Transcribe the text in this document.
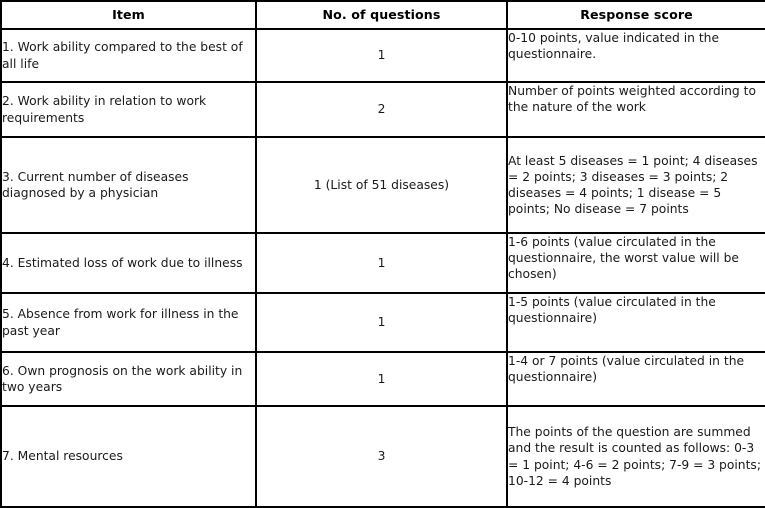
Item	No. of questions	Response score
1. Work ability compared to the best of all life	1	0-10 points, value indicated in the questionnaire.
2. Work ability in relation to work requirements	2	Number of points weighted according to the nature of the work
3. Current number of diseases diagnosed by a physician	1 (List of 51 diseases)	At least 5 diseases = 1 point; 4 diseases = 2 points; 3 diseases = 3 points; 2 diseases = 4 points; 1 disease = 5 points; No disease = 7 points
4. Estimated loss of work due to illness	1	1-6 points (value circulated in the questionnaire, the worst value will be chosen)
5. Absence from work for illness in the past year	1	1-5 points (value circulated in the questionnaire)
6. Own prognosis on the work ability in two years	1	1-4 or 7 points (value circulated in the questionnaire)
7. Mental resources	3	The points of the question are summed and the result is counted as follows: 0-3 = 1 point; 4-6 = 2 points; 7-9 = 3 points; 10-12 = 4 points
